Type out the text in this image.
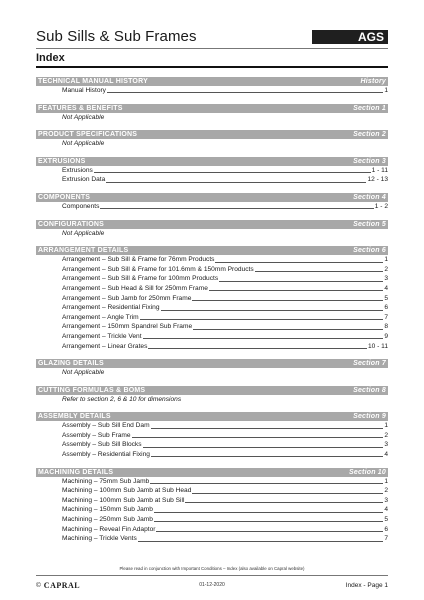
Sub Sills & Sub Frames	AGS
Index
TECHNICAL MANUAL HISTORY	History
Manual History	1
FEATURES & BENEFITS	Section 1
Not Applicable
PRODUCT SPECIFICATIONS	Section 2
Not Applicable
EXTRUSIONS	Section 3
Extrusions	1 - 11
Extrusion Data	12 - 13
COMPONENTS	Section 4
Components	1 - 2
CONFIGURATIONS	Section 5
Not Applicable
ARRANGEMENT DETAILS	Section 6
Arrangement – Sub Sill & Frame for 76mm Products	1
Arrangement – Sub Sill & Frame for 101.6mm & 150mm Products	2
Arrangement – Sub Sill & Frame for 100mm Products	3
Arrangement – Sub Head & Sill for 250mm Frame	4
Arrangement – Sub Jamb for 250mm Frame	5
Arrangement – Residential Fixing	6
Arrangement – Angle Trim	7
Arrangement – 150mm Spandrel Sub Frame	8
Arrangement – Trickle Vent	9
Arrangement – Linear Grates	10 - 11
GLAZING DETAILS	Section 7
Not Applicable
CUTTING FORMULAS & BOMS	Section 8
Refer to section 2, 6 & 10 for dimensions
ASSEMBLY DETAILS	Section 9
Assembly – Sub Sill End Dam	1
Assembly – Sub Frame	2
Assembly – Sub Sill Blocks	3
Assembly – Residential Fixing	4
MACHINING DETAILS	Section 10
Machining – 75mm Sub Jamb	1
Machining – 100mm Sub Jamb at Sub Head	2
Machining – 100mm Sub Jamb at Sub Sill	3
Machining – 150mm Sub Jamb	4
Machining – 250mm Sub Jamb	5
Machining – Reveal Fin Adaptor	6
Machining – Trickle Vents	7
Please read in conjunction with Important Conditions – Index (also available on Capral website)
© CAPRAL	01-12-2020	Index - Page 1
